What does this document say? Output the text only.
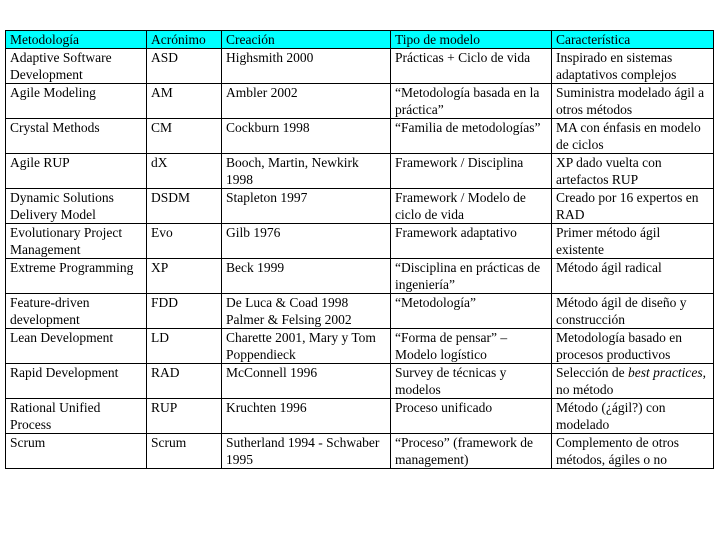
Metodología	Acrónimo	Creación	Tipo de modelo	Característica
Adaptive Software Development	ASD	Highsmith 2000	Prácticas + Ciclo de vida	Inspirado en sistemas adaptativos complejos
Agile Modeling	AM	Ambler 2002	“Metodología basada en la práctica”	Suministra modelado ágil a otros métodos
Crystal Methods	CM	Cockburn 1998	“Familia de metodologías”	MA con énfasis en modelo de ciclos
Agile RUP	dX	Booch, Martin, Newkirk 1998	Framework / Disciplina	XP dado vuelta con artefactos RUP
Dynamic Solutions Delivery Model	DSDM	Stapleton 1997	Framework / Modelo de ciclo de vida	Creado por 16 expertos en RAD
Evolutionary Project Management	Evo	Gilb 1976	Framework adaptativo	Primer método ágil existente
Extreme Programming	XP	Beck 1999	“Disciplina en prácticas de ingeniería”	Método ágil radical
Feature-driven development	FDD	De Luca & Coad 1998 Palmer & Felsing 2002	“Metodología”	Método ágil de diseño y construcción
Lean Development	LD	Charette 2001, Mary y Tom Poppendieck	“Forma de pensar” – Modelo logístico	Metodología basado en procesos productivos
Rapid Development	RAD	McConnell 1996	Survey de técnicas y modelos	Selección de best practices, no método
Rational Unified Process	RUP	Kruchten 1996	Proceso unificado	Método (¿ágil?) con modelado
Scrum	Scrum	Sutherland 1994 - Schwaber 1995	“Proceso” (framework de management)	Complemento de otros métodos, ágiles o no
